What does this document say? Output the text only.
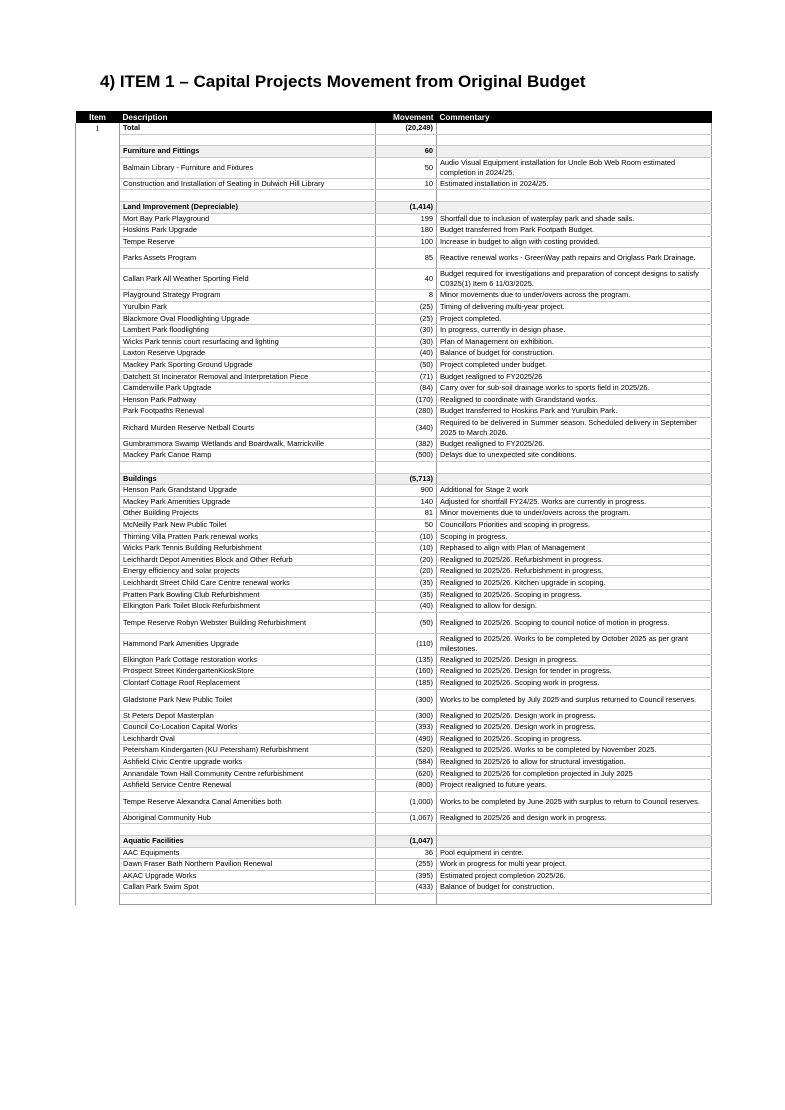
4) ITEM 1 – Capital Projects Movement from Original Budget
Item	Description	Movement	Commentary
1	Total	(20,249)	

	Furniture and Fittings	60	
	Balmain Library - Furniture and Fixtures	50	Audio Visual Equipment installation for Uncle Bob Web Room estimated completion in 2024/25.
	Construction and Installation of Seating in Dulwich Hill Library	10	Estimated installation in 2024/25.

	Land Improvement (Depreciable)	(1,414)	
	Mort Bay Park Playground	199	Shortfall due to inclusion of waterplay park and shade sails.
	Hoskins Park Upgrade	180	Budget transferred from Park Footpath Budget.
	Tempe Reserve	100	Increase in budget to align with costing provided.
	Parks Assets Program	85	Reactive renewal works - GreenWay path repairs and Origlass Park Drainage.
	Callan Park All Weather Sporting Field	40	Budget required for investigations and preparation of concept designs to satisfy C0325(1) Item 6 11/03/2025.
	Playground Strategy Program	8	Minor movements due to under/overs across the program.
	Yurulbin Park	(25)	Timing of delivering multi-year project.
	Blackmore Oval Floodlighting Upgrade	(25)	Project completed.
	Lambert Park floodlighting	(30)	In progress, currently in design phase.
	Wicks Park tennis court resurfacing and lighting	(30)	Plan of Management on exhibition.
	Laxton Reserve Upgrade	(40)	Balance of budget for construction.
	Mackey Park Sporting Ground Upgrade	(50)	Project completed under budget.
	Datchett St Incinerator Removal and Interpretation Piece	(71)	Budget realigned to FY2025/26
	Camdenville Park Upgrade	(84)	Carry over for sub-soil drainage works to sports field in 2025/26.
	Henson Park Pathway	(170)	Realigned to coordinate with Grandstand works.
	Park Footpaths Renewal	(280)	Budget transferred to Hoskins Park and Yurulbin Park.
	Richard Murden Reserve Netball Courts	(340)	Required to be delivered in Summer season. Scheduled delivery in September 2025 to March 2026.
	Gumbrammora Swamp Wetlands and Boardwalk, Marrickville	(382)	Budget realigned to FY2025/26.
	Mackey Park Canoe Ramp	(500)	Delays due to unexpected site conditions.

	Buildings	(5,713)	
	Henson Park Grandstand Upgrade	900	Additional for Stage 2 work
	Mackey Park Amenities Upgrade	140	Adjusted for shortfall FY24/25. Works are currently in progress.
	Other Building Projects	81	Minor movements due to under/overs across the program.
	McNeilly Park New Public Toilet	50	Councillors Priorities and scoping in progress.
	Thirning Villa Pratten Park renewal works	(10)	Scoping in progress.
	Wicks Park Tennis Building Refurbishment	(10)	Rephased to align with Plan of Management
	Leichhardt Depot Amenities Block and Other Refurb	(20)	Realigned to 2025/26. Refurbishment in progress.
	Energy efficiency and solar projects	(20)	Realigned to 2025/26. Refurbishment in progress.
	Leichhardt Street Child Care Centre renewal works	(35)	Realigned to 2025/26. Kitchen upgrade in scoping.
	Pratten Park Bowling Club Refurbishment	(35)	Realigned to 2025/26. Scoping in progress.
	Elkington Park Toilet Block Refurbishment	(40)	Realigned to allow for design.
	Tempe Reserve Robyn Webster Building Refurbishment	(50)	Realigned to 2025/26. Scoping to council notice of motion in progress.
	Hammond Park Amenities Upgrade	(110)	Realigned to 2025/26. Works to be completed by October 2025 as per grant milestones.
	Elkington Park Cottage restoration works	(135)	Realigned to 2025/26. Design in progress.
	Prospect Street KindergartenKioskStore	(160)	Realigned to 2025/26. Design for tender in progress.
	Clontarf Cottage Roof Replacement	(185)	Realigned to 2025/26. Scoping work in progress.
	Gladstone Park New Public Toilet	(300)	Works to be completed by July 2025 and surplus returned to Council reserves.
	St Peters Depot Masterplan	(300)	Realigned to 2025/26. Design work in progress.
	Council Co-Location Capital Works	(393)	Realigned to 2025/26. Design work in progress.
	Leichhardt Oval	(490)	Realigned to 2025/26. Scoping in progress.
	Petersham Kindergarten (KU Petersham) Refurbishment	(520)	Realigned to 2025/26. Works to be completed by November 2025.
	Ashfield Civic Centre upgrade works	(584)	Realigned to 2025/26 to allow for structural investigation.
	Annandale Town Hall Community Centre refurbishment	(620)	Realigned to 2025/26 for completion projected in July 2025
	Ashfield Service Centre Renewal	(800)	Project realigned to future years.
	Tempe Reserve Alexandra Canal Amenities both	(1,000)	Works to be completed by June 2025 with surplus to return to Council reserves.
	Aboriginal Community Hub	(1,067)	Realigned to 2025/26 and design work in progress.

	Aquatic Facilities	(1,047)	
	AAC Equipments	36	Pool equipment in centre.
	Dawn Fraser Bath Northern Pavilion Renewal	(255)	Work in progress for multi year project.
	AKAC Upgrade Works	(395)	Estimated project completion 2025/26.
	Callan Park Swim Spot	(433)	Balance of budget for construction.
